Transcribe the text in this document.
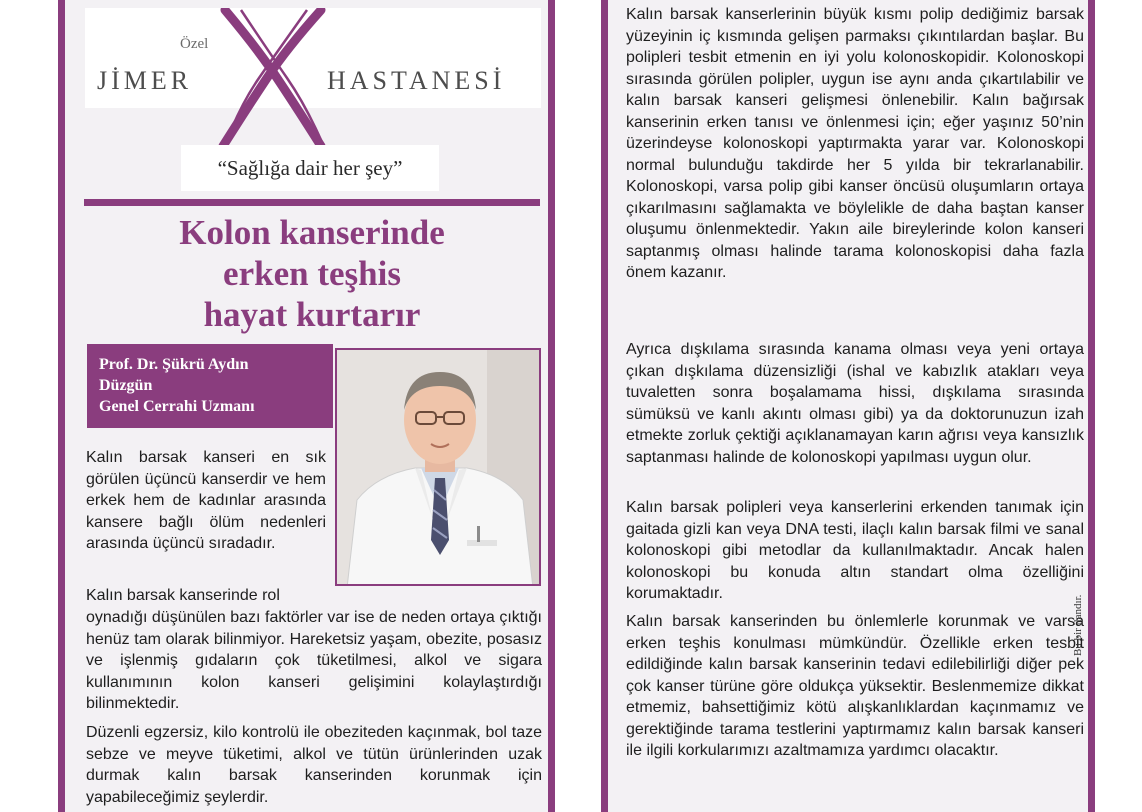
Özel
JİMER	HASTANESİ
“Sağlığa dair her şey”
Kolon kanserinde
erken teşhis
hayat kurtarır
Prof. Dr. Şükrü Aydın
Düzgün
Genel Cerrahi Uzmanı

Kalın barsak kanseri en sık görülen üçüncü kanserdir ve hem erkek hem de kadınlar arasında kansere bağlı ölüm nedenleri arasında üçüncü sıradadır.

Kalın barsak kanserinde rol

oynadığı düşünülen bazı faktörler var ise de neden ortaya çıktığı henüz tam olarak bilinmiyor. Hareketsiz yaşam, obezite, posasız ve işlenmiş gıdaların çok tüketilmesi, alkol ve sigara kullanımının kolon kanseri gelişimini kolaylaştırdığı bilinmektedir.

Düzenli egzersiz, kilo kontrolü ile obeziteden kaçınmak, bol taze sebze ve meyve tüketimi, alkol ve tütün ürünlerinden uzak durmak kalın barsak kanserinden korunmak için yapabileceğimiz şeylerdir.

Kalın barsak kanserlerinin büyük kısmı polip dediğimiz barsak yüzeyinin iç kısmında gelişen parmaksı çıkıntılardan başlar. Bu polipleri tesbit etmenin en iyi yolu kolonoskopidir. Kolonoskopi sırasında görülen polipler, uygun ise aynı anda çıkartılabilir ve kalın barsak kanseri gelişmesi önlenebilir. Kalın bağırsak kanserinin erken tanısı ve önlenmesi için; eğer yaşınız 50’nin üzerindeyse kolonoskopi yaptırmakta yarar var. Kolonoskopi normal bulunduğu takdirde her 5 yılda bir tekrarlanabilir. Kolonoskopi, varsa polip gibi kanser öncüsü oluşumların ortaya çıkarılmasını sağlamakta ve böylelikle de daha baştan kanser oluşumu önlenmektedir. Yakın aile bireylerinde kolon kanseri saptanmış olması halinde tarama kolonoskopisi daha fazla önem kazanır.

Ayrıca dışkılama sırasında kanama olması veya yeni ortaya çıkan dışkılama düzensizliği (ishal ve kabızlık atakları veya tuvaletten sonra boşalamama hissi, dışkılama sırasında sümüksü ve kanlı akıntı olması gibi) ya da doktorunuzun izah etmekte zorluk çektiği açıklanamayan karın ağrısı veya kansızlık saptanması halinde de kolonoskopi yapılması uygun olur.

Kalın barsak polipleri veya kanserlerini erkenden tanımak için gaitada gizli kan veya DNA testi, ilaçlı kalın barsak filmi ve sanal kolonoskopi gibi metodlar da kullanılmaktadır. Ancak halen kolonoskopi bu konuda altın standart olma özelliğini korumaktadır.

Kalın barsak kanserinden bu önlemlerle korunmak ve varsa erken teşhis konulması mümkündür. Özellikle erken tesbit edildiğinde kalın barsak kanserinin tedavi edilebilirliği diğer pek çok kanser türüne göre oldukça yüksektir. Beslenmemize dikkat etmemiz, bahsettiğimiz kötü alışkanlıklardan kaçınmamız ve gerektiğinde tarama testlerini yaptırmamız kalın barsak kanseri ile ilgili korkularımızı azaltmamıza yardımcı olacaktır.

Bu bir ilandır.
